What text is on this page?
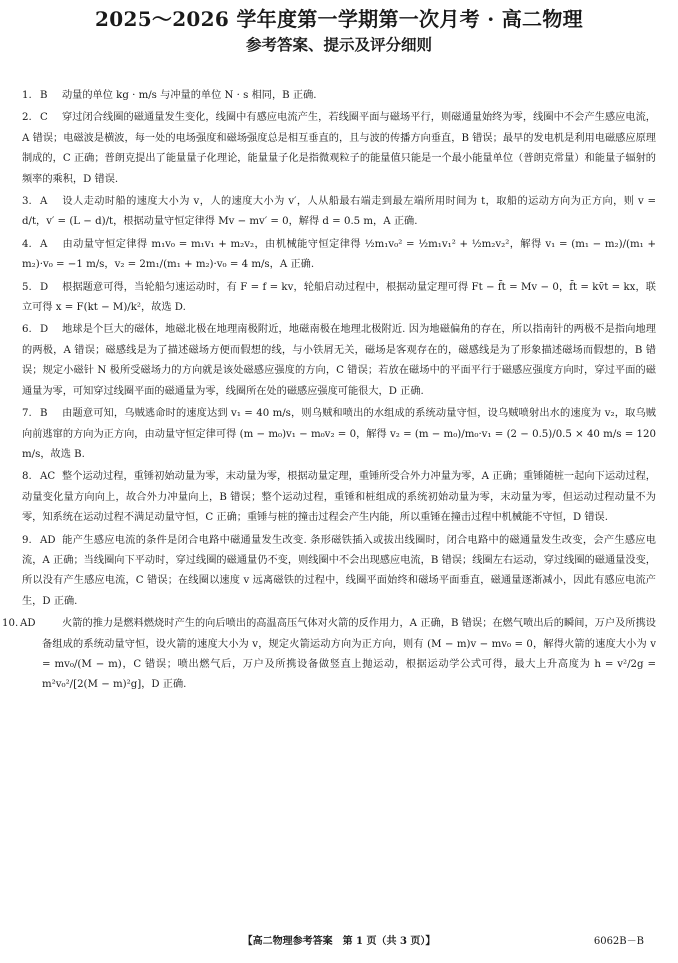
2025～2026 学年度第一学期第一次月考 · 高二物理
参考答案、提示及评分细则

1. B 动量的单位 kg · m/s 与冲量的单位 N · s 相同，B 正确.

2. C 穿过闭合线圈的磁通量发生变化，线圈中有感应电流产生，若线圈平面与磁场平行，则磁通量始终为零，线圈中不会产生感应电流，A 错误；电磁波是横波，每一处的电场强度和磁场强度总是相互垂直的，且与波的传播方向垂直，B 错误；最早的发电机是利用电磁感应原理制成的，C 正确；普朗克提出了能量量子化理论，能量量子化是指微观粒子的能量值只能是一个最小能量单位（普朗克常量）和能量子辐射的频率的乘积，D 错误.

3. A 设人走动时船的速度大小为 v，人的速度大小为 v′，人从船最右端走到最左端所用时间为 t，取船的运动方向为正方向，则 v = d/t，v′ = (L − d)/t，根据动量守恒定律得 Mv − mv′ = 0，解得 d = 0.5 m，A 正确.

4. A 由动量守恒定律得 m₁v₀ = m₁v₁ + m₂v₂，由机械能守恒定律得 ½m₁v₀² = ½m₁v₁² + ½m₂v₂²，解得 v₁ = (m₁ − m₂)/(m₁ + m₂)·v₀ = −1 m/s，v₂ = 2m₁/(m₁ + m₂)·v₀ = 4 m/s，A 正确.

5. D 根据题意可得，当轮船匀速运动时，有 F = f = kv，轮船启动过程中，根据动量定理可得 Ft − f̄t = Mv − 0，f̄t = kv̄t = kx，联立可得 x = F(kt − M)/k²，故选 D.

6. D 地球是个巨大的磁体，地磁北极在地理南极附近，地磁南极在地理北极附近. 因为地磁偏角的存在，所以指南针的两极不是指向地理的两极，A 错误；磁感线是为了描述磁场方便而假想的线，与小铁屑无关，磁场是客观存在的，磁感线是为了形象描述磁场而假想的，B 错误；规定小磁针 N 极所受磁场力的方向就是该处磁感应强度的方向，C 错误；若放在磁场中的平面平行于磁感应强度方向时，穿过平面的磁通量为零，可知穿过线圈平面的磁通量为零，线圈所在处的磁感应强度可能很大，D 正确.

7. B 由题意可知，乌贼逃命时的速度达到 v₁ = 40 m/s，则乌贼和喷出的水组成的系统动量守恒，设乌贼喷射出水的速度为 v₂，取乌贼向前逃窜的方向为正方向，由动量守恒定律可得 (m − m₀)v₁ − m₀v₂ = 0，解得 v₂ = (m − m₀)/m₀·v₁ = (2 − 0.5)/0.5 × 40 m/s = 120 m/s，故选 B.

8. AC 整个运动过程，重锤初始动量为零，末动量为零，根据动量定理，重锤所受合外力冲量为零，A 正确；重锤随桩一起向下运动过程，动量变化量方向向上，故合外力冲量向上，B 错误；整个运动过程，重锤和桩组成的系统初始动量为零，末动量为零，但运动过程动量不为零，知系统在运动过程不满足动量守恒，C 正确；重锤与桩的撞击过程会产生内能，所以重锤在撞击过程中机械能不守恒，D 错误.

9. AD 能产生感应电流的条件是闭合电路中磁通量发生改变. 条形磁铁插入或拔出线圈时，闭合电路中的磁通量发生改变，会产生感应电流，A 正确；当线圈向下平动时，穿过线圈的磁通量仍不变，则线圈中不会出现感应电流，B 错误；线圈左右运动，穿过线圈的磁通量没变，所以没有产生感应电流，C 错误；在线圈以速度 v 远离磁铁的过程中，线圈平面始终和磁场平面垂直，磁通量逐渐减小，因此有感应电流产生，D 正确.

10. AD	火箭的推力是燃料燃烧时产生的向后喷出的高温高压气体对火箭的反作用力，A 正确，B 错误；在燃气喷出后的瞬间，万户及所携设备组成的系统动量守恒，设火箭的速度大小为 v，规定火箭运动方向为正方向，则有 (M − m)v − mv₀ = 0，解得火箭的速度大小为 v = mv₀/(M − m)，C 错误；喷出燃气后，万户及所携设备做竖直上抛运动，根据运动学公式可得，最大上升高度为 h = v²/2g = m²v₀²/[2(M − m)²g]，D 正确.

【高二物理参考答案　第 1 页（共 3 页）】	6062B－B
